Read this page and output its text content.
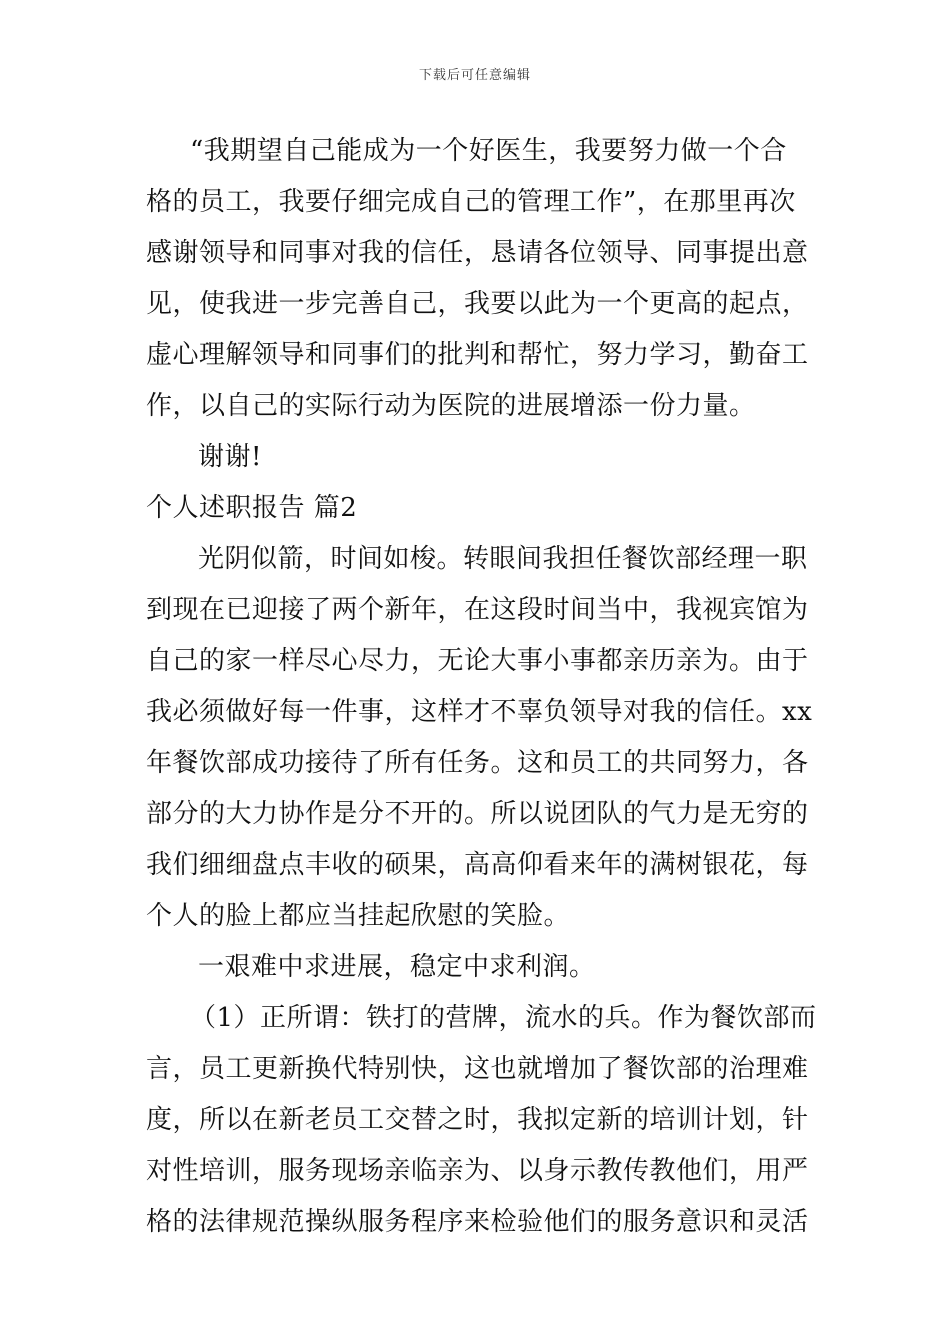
下载后可任意编辑
“我期望自己能成为一个好医生，我要努力做一个合
格的员工，我要仔细完成自己的管理工作”，在那里再次
感谢领导和同事对我的信任，恳请各位领导、同事提出意
见，使我进一步完善自己，我要以此为一个更高的起点，
虚心理解领导和同事们的批判和帮忙，努力学习，勤奋工
作，以自己的实际行动为医院的进展增添一份力量。
谢谢!
个人述职报告 篇2
光阴似箭，时间如梭。转眼间我担任餐饮部经理一职
到现在已迎接了两个新年，在这段时间当中，我视宾馆为
自己的家一样尽心尽力，无论大事小事都亲历亲为。由于
我必须做好每一件事，这样才不辜负领导对我的信任。xx
年餐饮部成功接待了所有任务。这和员工的共同努力，各
部分的大力协作是分不开的。所以说团队的气力是无穷的
我们细细盘点丰收的硕果，高高仰看来年的满树银花，每
个人的脸上都应当挂起欣慰的笑脸。
一艰难中求进展，稳定中求利润。
（1）正所谓：铁打的营牌，流水的兵。作为餐饮部而
言，员工更新换代特别快，这也就增加了餐饮部的治理难
度，所以在新老员工交替之时，我拟定新的培训计划，针
对性培训，服务现场亲临亲为、以身示教传教他们，用严
格的法律规范操纵服务程序来检验他们的服务意识和灵活
